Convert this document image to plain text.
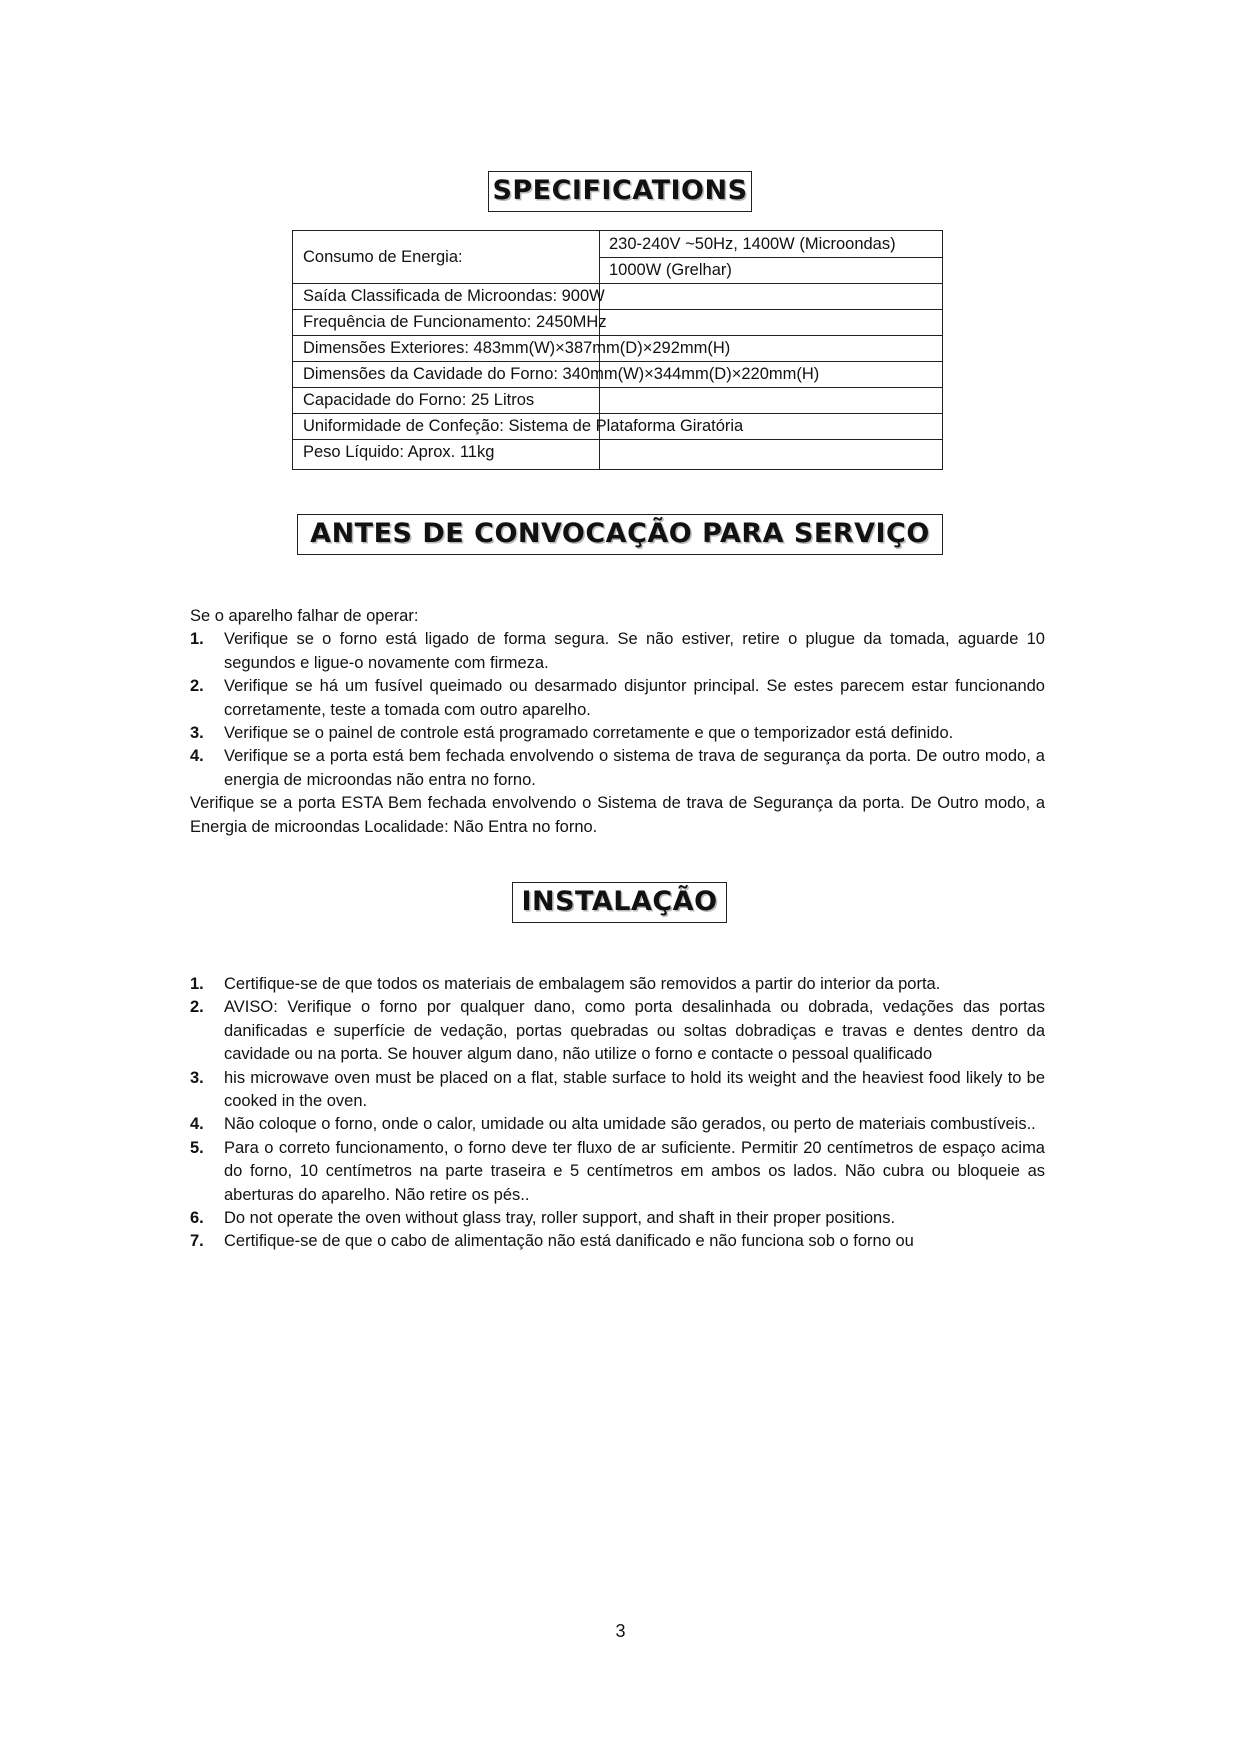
SPECIFICATIONS
Consumo de Energia:
230-240V ~50Hz, 1400W (Microondas)
1000W (Grelhar)
Saída Classificada de Microondas: 900W
Frequência de Funcionamento: 2450MHz
Dimensões Exteriores: 483mm(W)×387mm(D)×292mm(H)
Dimensões da Cavidade do Forno: 340mm(W)×344mm(D)×220mm(H)
Capacidade do Forno: 25 Litros
Uniformidade de Confeção: Sistema de Plataforma Giratória
Peso Líquido: Aprox. 11kg
ANTES DE CONVOCAÇÃO PARA SERVIÇO

Se o aparelho falhar de operar:

1. Verifique se o forno está ligado de forma segura. Se não estiver, retire o plugue da tomada, aguarde 10 segundos e ligue-o novamente com firmeza.
2. Verifique se há um fusível queimado ou desarmado disjuntor principal. Se estes parecem estar funcionando corretamente, teste a tomada com outro aparelho.
3. Verifique se o painel de controle está programado corretamente e que o temporizador está definido.
4. Verifique se a porta está bem fechada envolvendo o sistema de trava de segurança da porta. De outro modo, a energia de microondas não entra no forno.

Verifique se a porta ESTA Bem fechada envolvendo o Sistema de trava de Segurança da porta. De Outro modo, a Energia de microondas Localidade: Não Entra no forno.

INSTALAÇÃO
1. Certifique-se de que todos os materiais de embalagem são removidos a partir do interior da porta.
2. AVISO: Verifique o forno por qualquer dano, como porta desalinhada ou dobrada, vedações das portas danificadas e superfície de vedação, portas quebradas ou soltas dobradiças e travas e dentes dentro da cavidade ou na porta. Se houver algum dano, não utilize o forno e contacte o pessoal qualificado
3. his microwave oven must be placed on a flat, stable surface to hold its weight and the heaviest food likely to be cooked in the oven.
4. Não coloque o forno, onde o calor, umidade ou alta umidade são gerados, ou perto de materiais combustíveis..
5. Para o correto funcionamento, o forno deve ter fluxo de ar suficiente. Permitir 20 centímetros de espaço acima do forno, 10 centímetros na parte traseira e 5 centímetros em ambos os lados. Não cubra ou bloqueie as aberturas do aparelho. Não retire os pés..
6. Do not operate the oven without glass tray, roller support, and shaft in their proper positions.
7. Certifique-se de que o cabo de alimentação não está danificado e não funciona sob o forno ou
3
